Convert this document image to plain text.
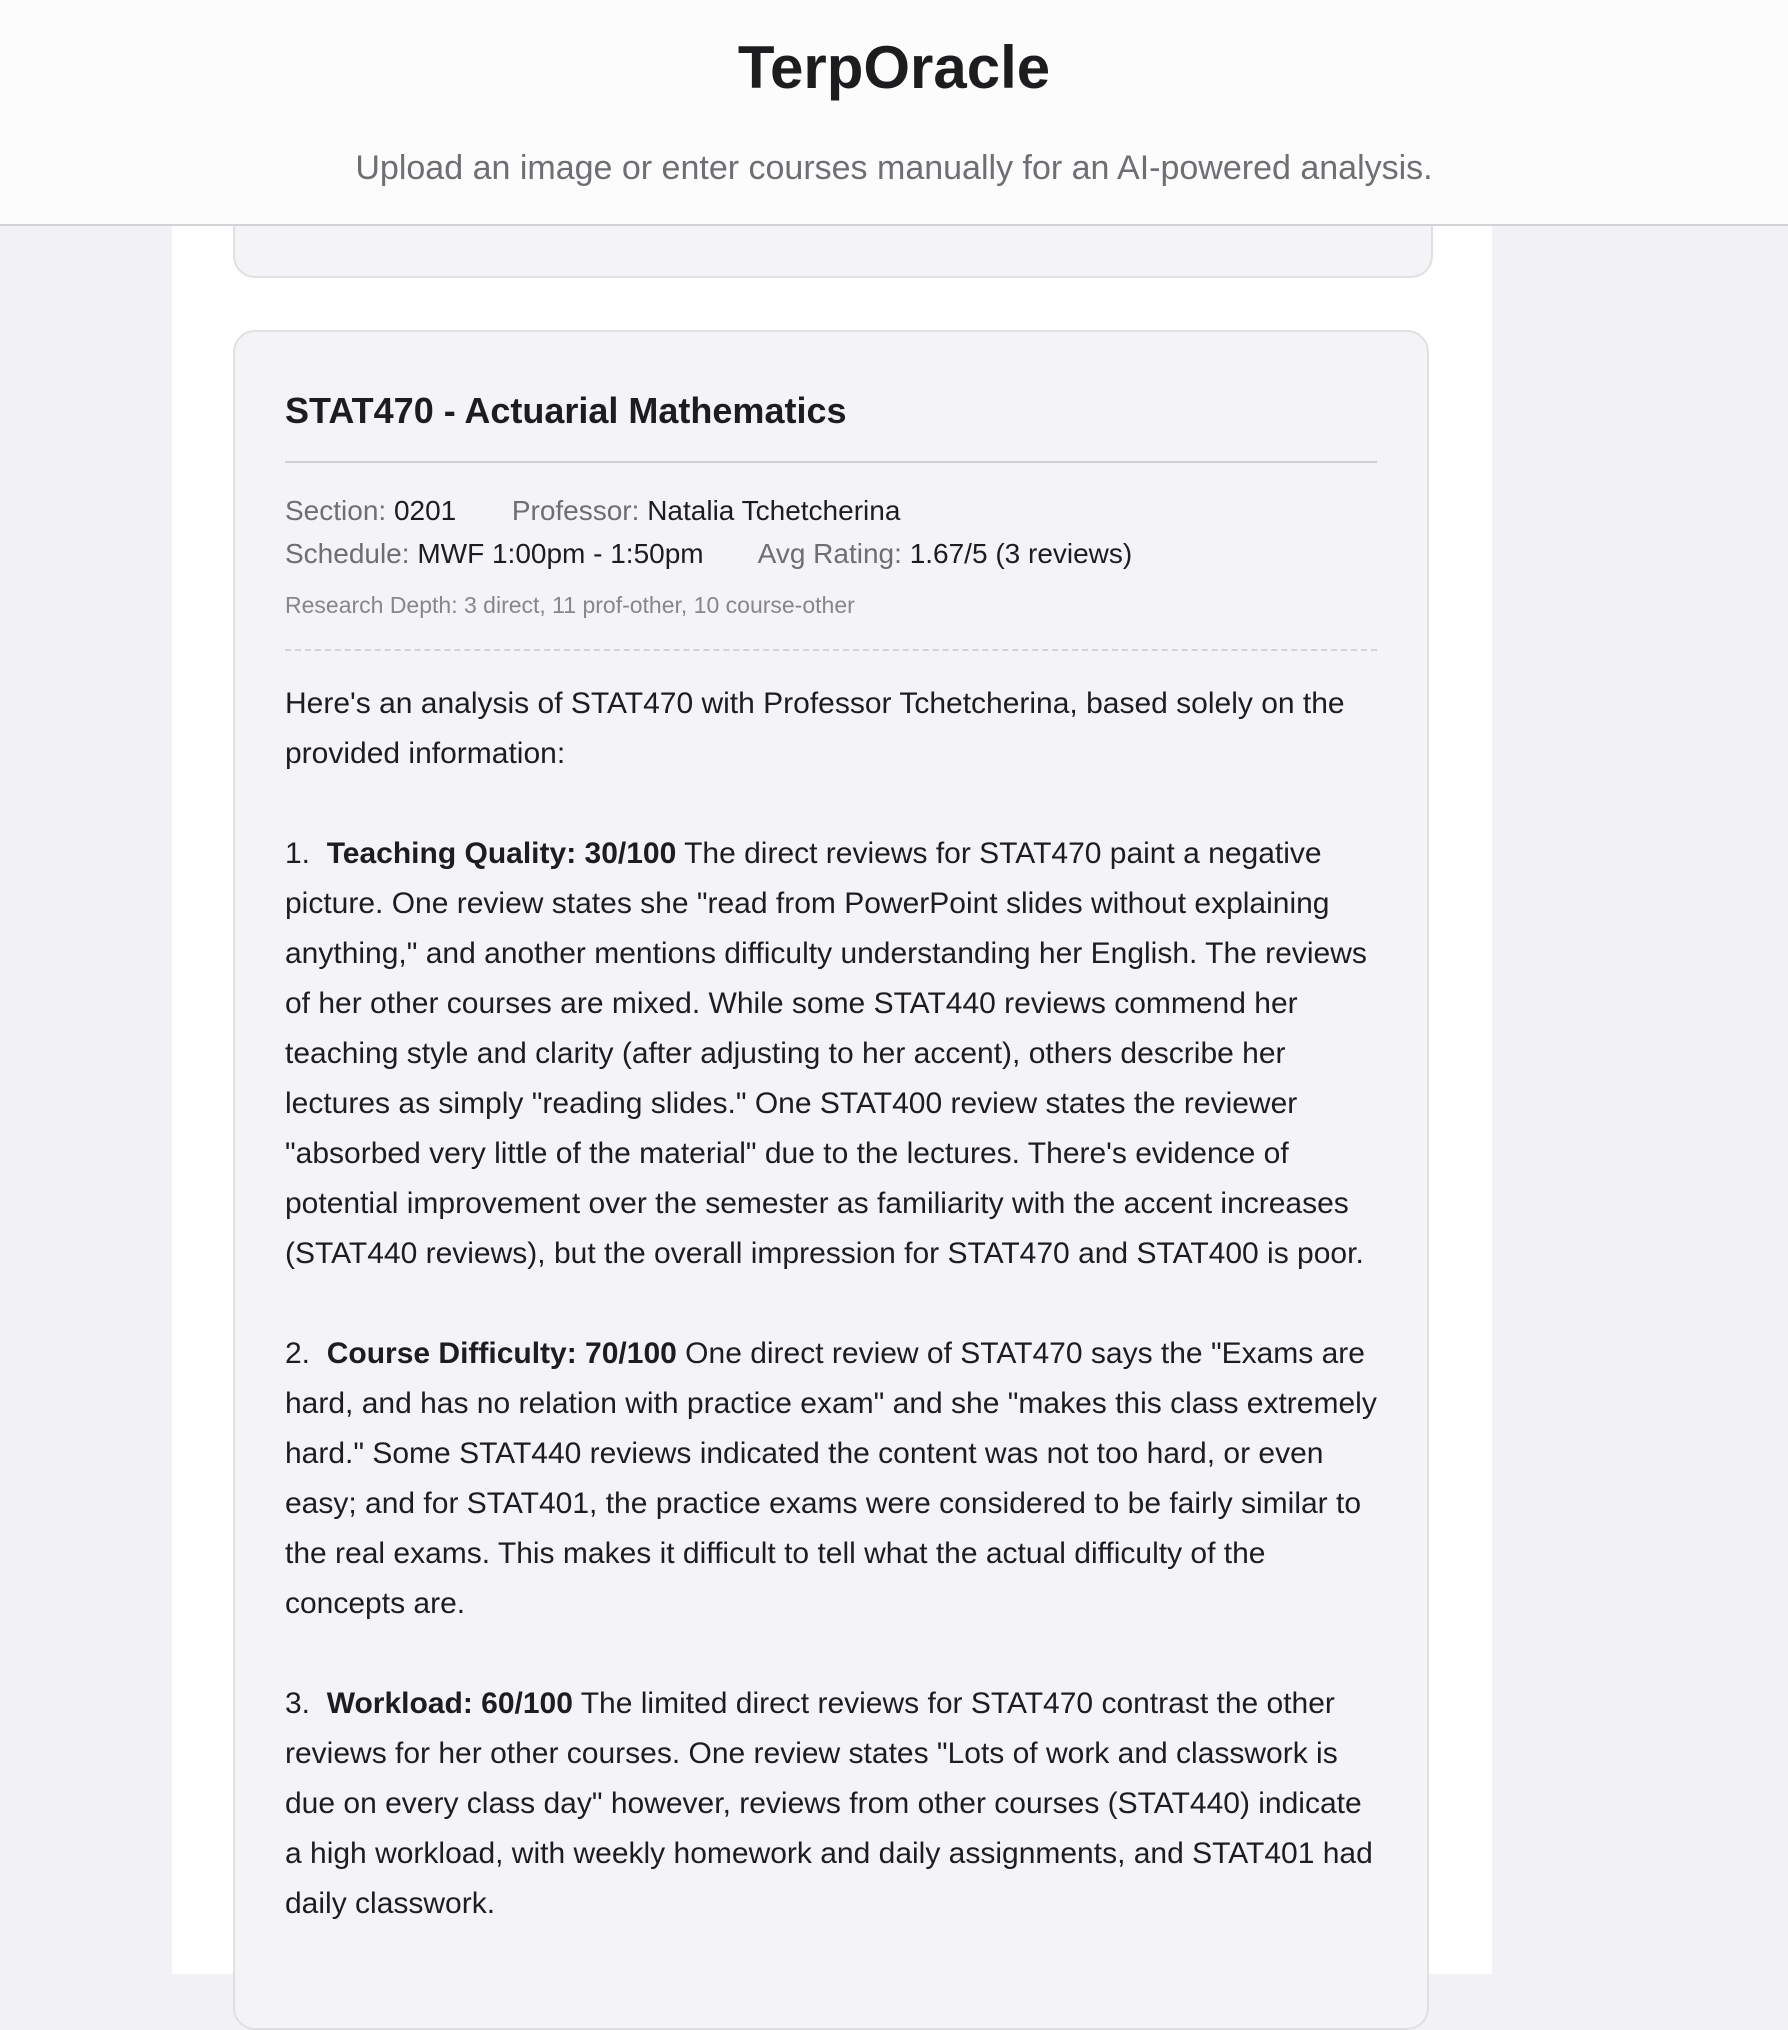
STAT470 - Actuarial Mathematics
Section: 0201 Professor: Natalia Tchetcherina
Schedule: MWF 1:00pm - 1:50pm Avg Rating: 1.67/5 (3 reviews)
Research Depth: 3 direct, 11 prof-other, 10 course-other

Here's an analysis of STAT470 with Professor Tchetcherina, based solely on the provided information:

1. Teaching Quality: 30/100 The direct reviews for STAT470 paint a negative picture. One review states she "read from PowerPoint slides without explaining anything," and another mentions difficulty understanding her English. The reviews of her other courses are mixed. While some STAT440 reviews commend her teaching style and clarity (after adjusting to her accent), others describe her lectures as simply "reading slides." One STAT400 review states the reviewer "absorbed very little of the material" due to the lectures. There's evidence of potential improvement over the semester as familiarity with the accent increases (STAT440 reviews), but the overall impression for STAT470 and STAT400 is poor.

2. Course Difficulty: 70/100 One direct review of STAT470 says the "Exams are hard, and has no relation with practice exam" and she "makes this class extremely hard." Some STAT440 reviews indicated the content was not too hard, or even easy; and for STAT401, the practice exams were considered to be fairly similar to the real exams. This makes it difficult to tell what the actual difficulty of the concepts are.

3. Workload: 60/100 The limited direct reviews for STAT470 contrast the other reviews for her other courses. One review states "Lots of work and classwork is due on every class day" however, reviews from other courses (STAT440) indicate a high workload, with weekly homework and daily assignments, and STAT401 had daily classwork.

TerpOracle
Upload an image or enter courses manually for an AI-powered analysis.
